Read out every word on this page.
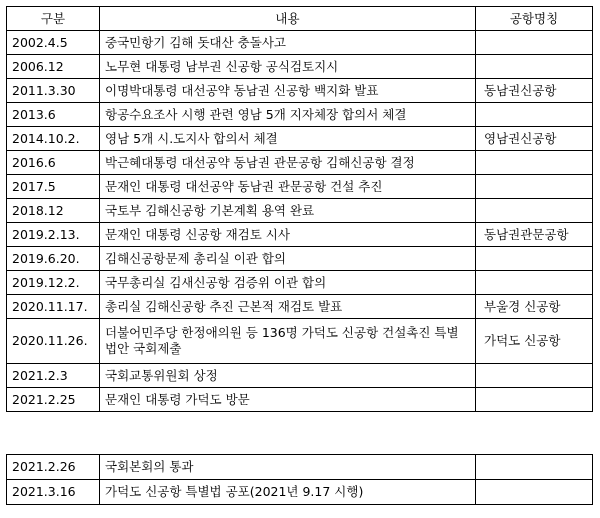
구분	내용	공항명칭
2002.4.5	중국민항기 김해 돗대산 충돌사고	
2006.12	노무현 대통령 남부권 신공항 공식검토지시	
2011.3.30	이명박대통령 대선공약 동남권 신공항 백지화 발표	동남권신공항
2013.6	항공수요조사 시행 관련 영남 5개 지자체장 합의서 체결	
2014.10.2.	영남 5개 시.도지사 합의서 체결	영남권신공항
2016.6	박근혜대통령 대선공약 동남권 관문공항 김해신공항 결정	
2017.5	문재인 대통령 대선공약 동남권 관문공항 건설 추진	
2018.12	국토부 김해신공항 기본계획 용역 완료	
2019.2.13.	문재인 대통령 신공항 재검토 시사	동남권관문공항
2019.6.20.	김해신공항문제 총리실 이관 합의	
2019.12.2.	국무총리실 김새신공항 검증위 이관 합의	
2020.11.17.	총리실 김해신공항 추진 근본적 재검토 발표	부울경 신공항
2020.11.26.	더불어민주당 한정애의원 등 136명 가덕도 신공항 건설촉진 특별법안 국회제출	가덕도 신공항
2021.2.3	국회교통위원회 상정	
2021.2.25	문재인 대통령 가덕도 방문	
2021.2.26	국회본회의 통과	
2021.3.16	가덕도 신공항 특별법 공포(2021년 9.17 시행)	
